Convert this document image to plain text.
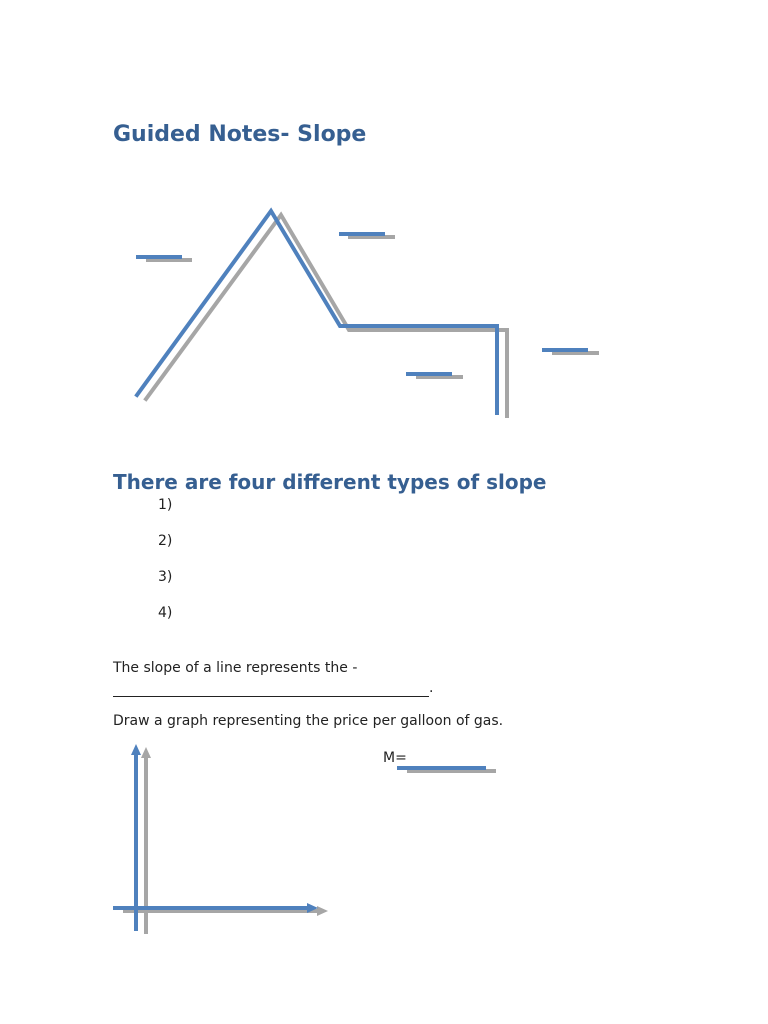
Guided Notes- Slope
There are four different types of slope
1)
2)
3)
4)

The slope of a line represents the -

.

Draw a graph representing the price per galloon of gas.

M=
